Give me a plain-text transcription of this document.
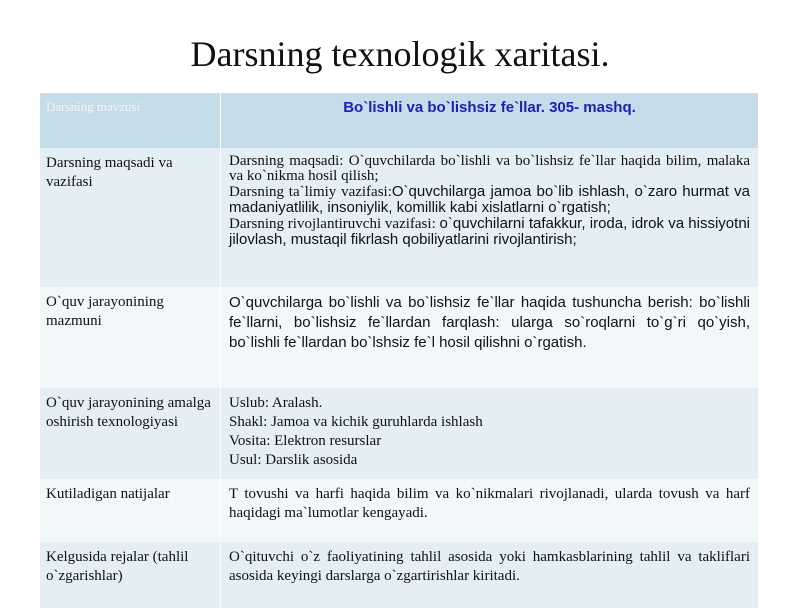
Darsning texnologik xaritasi.
Darsning mavzusi	Bo`lishli va bo`lishsiz fe`llar. 305- mashq.
Darsning maqsadi va vazifasi	Darsning maqsadi: O`quvchilarda bo`lishli va bo`lishsiz fe`llar haqida bilim, malaka va ko`nikma hosil qilish;
Darsning ta`limiy vazifasi:O`quvchilarga jamoa bo`lib ishlash, o`zaro hurmat va madaniyatlilik, insoniylik, komillik kabi xislatlarni o`rgatish;
Darsning rivojlantiruvchi vazifasi: o`quvchilarni tafakkur, iroda, idrok va hissiyotni jilovlash, mustaqil fikrlash qobiliyatlarini rivojlantirish;

O`quv jarayonining mazmuni	O`quvchilarga bo`lishli va bo`lishsiz fe`llar haqida tushuncha berish: bo`lishli fe`llarni, bo`lishsiz fe`llardan farqlash: ularga so`roqlarni to`g`ri qo`yish, bo`lishli fe`llardan bo`lshsiz fe`l hosil qilishni o`rgatish.
O`quv jarayonining amalga oshirish texnologiyasi	Uslub: Aralash.
Shakl: Jamoa va kichik guruhlarda ishlash
Vosita: Elektron resurslar
Usul: Darslik asosida

Kutiladigan natijalar	T tovushi va harfi haqida bilim va ko`nikmalari rivojlanadi, ularda tovush va harf haqidagi ma`lumotlar kengayadi.
Kelgusida rejalar (tahlil o`zgarishlar)	O`qituvchi o`z faoliyatining tahlil asosida yoki hamkasblarining tahlil va takliflari asosida keyingi darslarga o`zgartirishlar kiritadi.
